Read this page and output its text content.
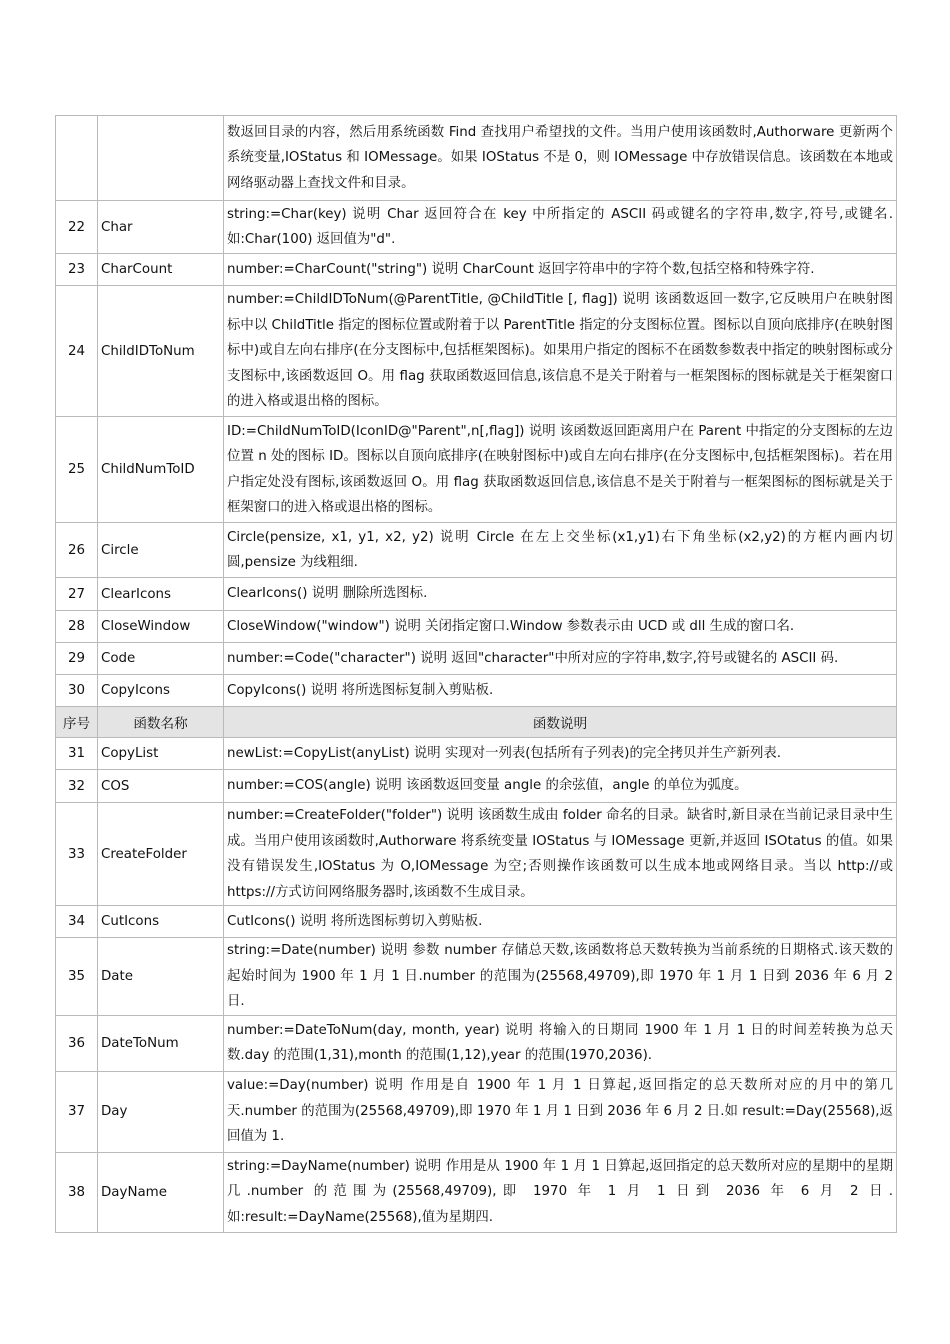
		数返回目录的内容，然后用系统函数 Find 查找用户希望找的文件。当用户使用该函数时,Authorware 更新两个系统变量,IOStatus 和 IOMessage。如果 IOStatus 不是 0，则 IOMessage 中存放错误信息。该函数在本地或网络驱动器上查找文件和目录。
22	Char	string:=Char(key) 说明 Char 返回符合在 key 中所指定的 ASCII 码或键名的字符串,数字,符号,或键名.如:Char(100) 返回值为"d".
23	CharCount	number:=CharCount("string") 说明 CharCount 返回字符串中的字符个数,包括空格和特殊字符.
24	ChildIDToNum	number:=ChildIDToNum(@ParentTitle, @ChildTitle [, flag]) 说明 该函数返回一数字,它反映用户在映射图标中以 ChildTitle 指定的图标位置或附着于以 ParentTitle 指定的分支图标位置。图标以自顶向底排序(在映射图标中)或自左向右排序(在分支图标中,包括框架图标)。如果用户指定的图标不在函数参数表中指定的映射图标或分支图标中,该函数返回 O。用 flag 获取函数返回信息,该信息不是关于附着与一框架图标的图标就是关于框架窗口的进入格或退出格的图标。
25	ChildNumToID	ID:=ChildNumToID(IconID@"Parent",n[,flag]) 说明 该函数返回距离用户在 Parent 中指定的分支图标的左边位置 n 处的图标 ID。图标以自顶向底排序(在映射图标中)或自左向右排序(在分支图标中,包括框架图标)。若在用户指定处没有图标,该函数返回 O。用 flag 获取函数返回信息,该信息不是关于附着与一框架图标的图标就是关于框架窗口的进入格或退出格的图标。
26	Circle	Circle(pensize, x1, y1, x2, y2) 说明 Circle 在左上交坐标(x1,y1)右下角坐标(x2,y2)的方框内画内切圆,pensize 为线粗细.
27	ClearIcons	ClearIcons() 说明 删除所选图标.
28	CloseWindow	CloseWindow("window") 说明 关闭指定窗口.Window 参数表示由 UCD 或 dll 生成的窗口名.
29	Code	number:=Code("character") 说明 返回"character"中所对应的字符串,数字,符号或键名的 ASCII 码.
30	CopyIcons	CopyIcons() 说明 将所选图标复制入剪贴板.
序号	函数名称	函数说明
31	CopyList	newList:=CopyList(anyList) 说明 实现对一列表(包括所有子列表)的完全拷贝并生产新列表.
32	COS	number:=COS(angle) 说明 该函数返回变量 angle 的余弦值，angle 的单位为弧度。
33	CreateFolder	number:=CreateFolder("folder") 说明 该函数生成由 folder 命名的目录。缺省时,新目录在当前记录目录中生成。当用户使用该函数时,Authorware 将系统变量 IOStatus 与 IOMessage 更新,并返回 ISOtatus 的值。如果没有错误发生,IOStatus 为 O,IOMessage 为空;否则操作该函数可以生成本地或网络目录。当以 http://或 https://方式访问网络服务器时,该函数不生成目录。
34	CutIcons	CutIcons() 说明 将所选图标剪切入剪贴板.
35	Date	string:=Date(number) 说明 参数 number 存储总天数,该函数将总天数转换为当前系统的日期格式.该天数的起始时间为 1900 年 1 月 1 日.number 的范围为(25568,49709),即 1970 年 1 月 1 日到 2036 年 6 月 2 日.
36	DateToNum	number:=DateToNum(day, month, year) 说明 将输入的日期同 1900 年 1 月 1 日的时间差转换为总天数.day 的范围(1,31),month 的范围(1,12),year 的范围(1970,2036).
37	Day	value:=Day(number) 说明 作用是自 1900 年 1 月 1 日算起,返回指定的总天数所对应的月中的第几天.number 的范围为(25568,49709),即 1970 年 1 月 1 日到 2036 年 6 月 2 日.如 result:=Day(25568),返回值为 1.
38	DayName	string:=DayName(number) 说明 作用是从 1900 年 1 月 1 日算起,返回指定的总天数所对应的星期中的星期几.number 的范围为(25568,49709),即 1970 年 1 月 1 日到 2036 年 6 月 2 日.如:result:=DayName(25568),值为星期四.
